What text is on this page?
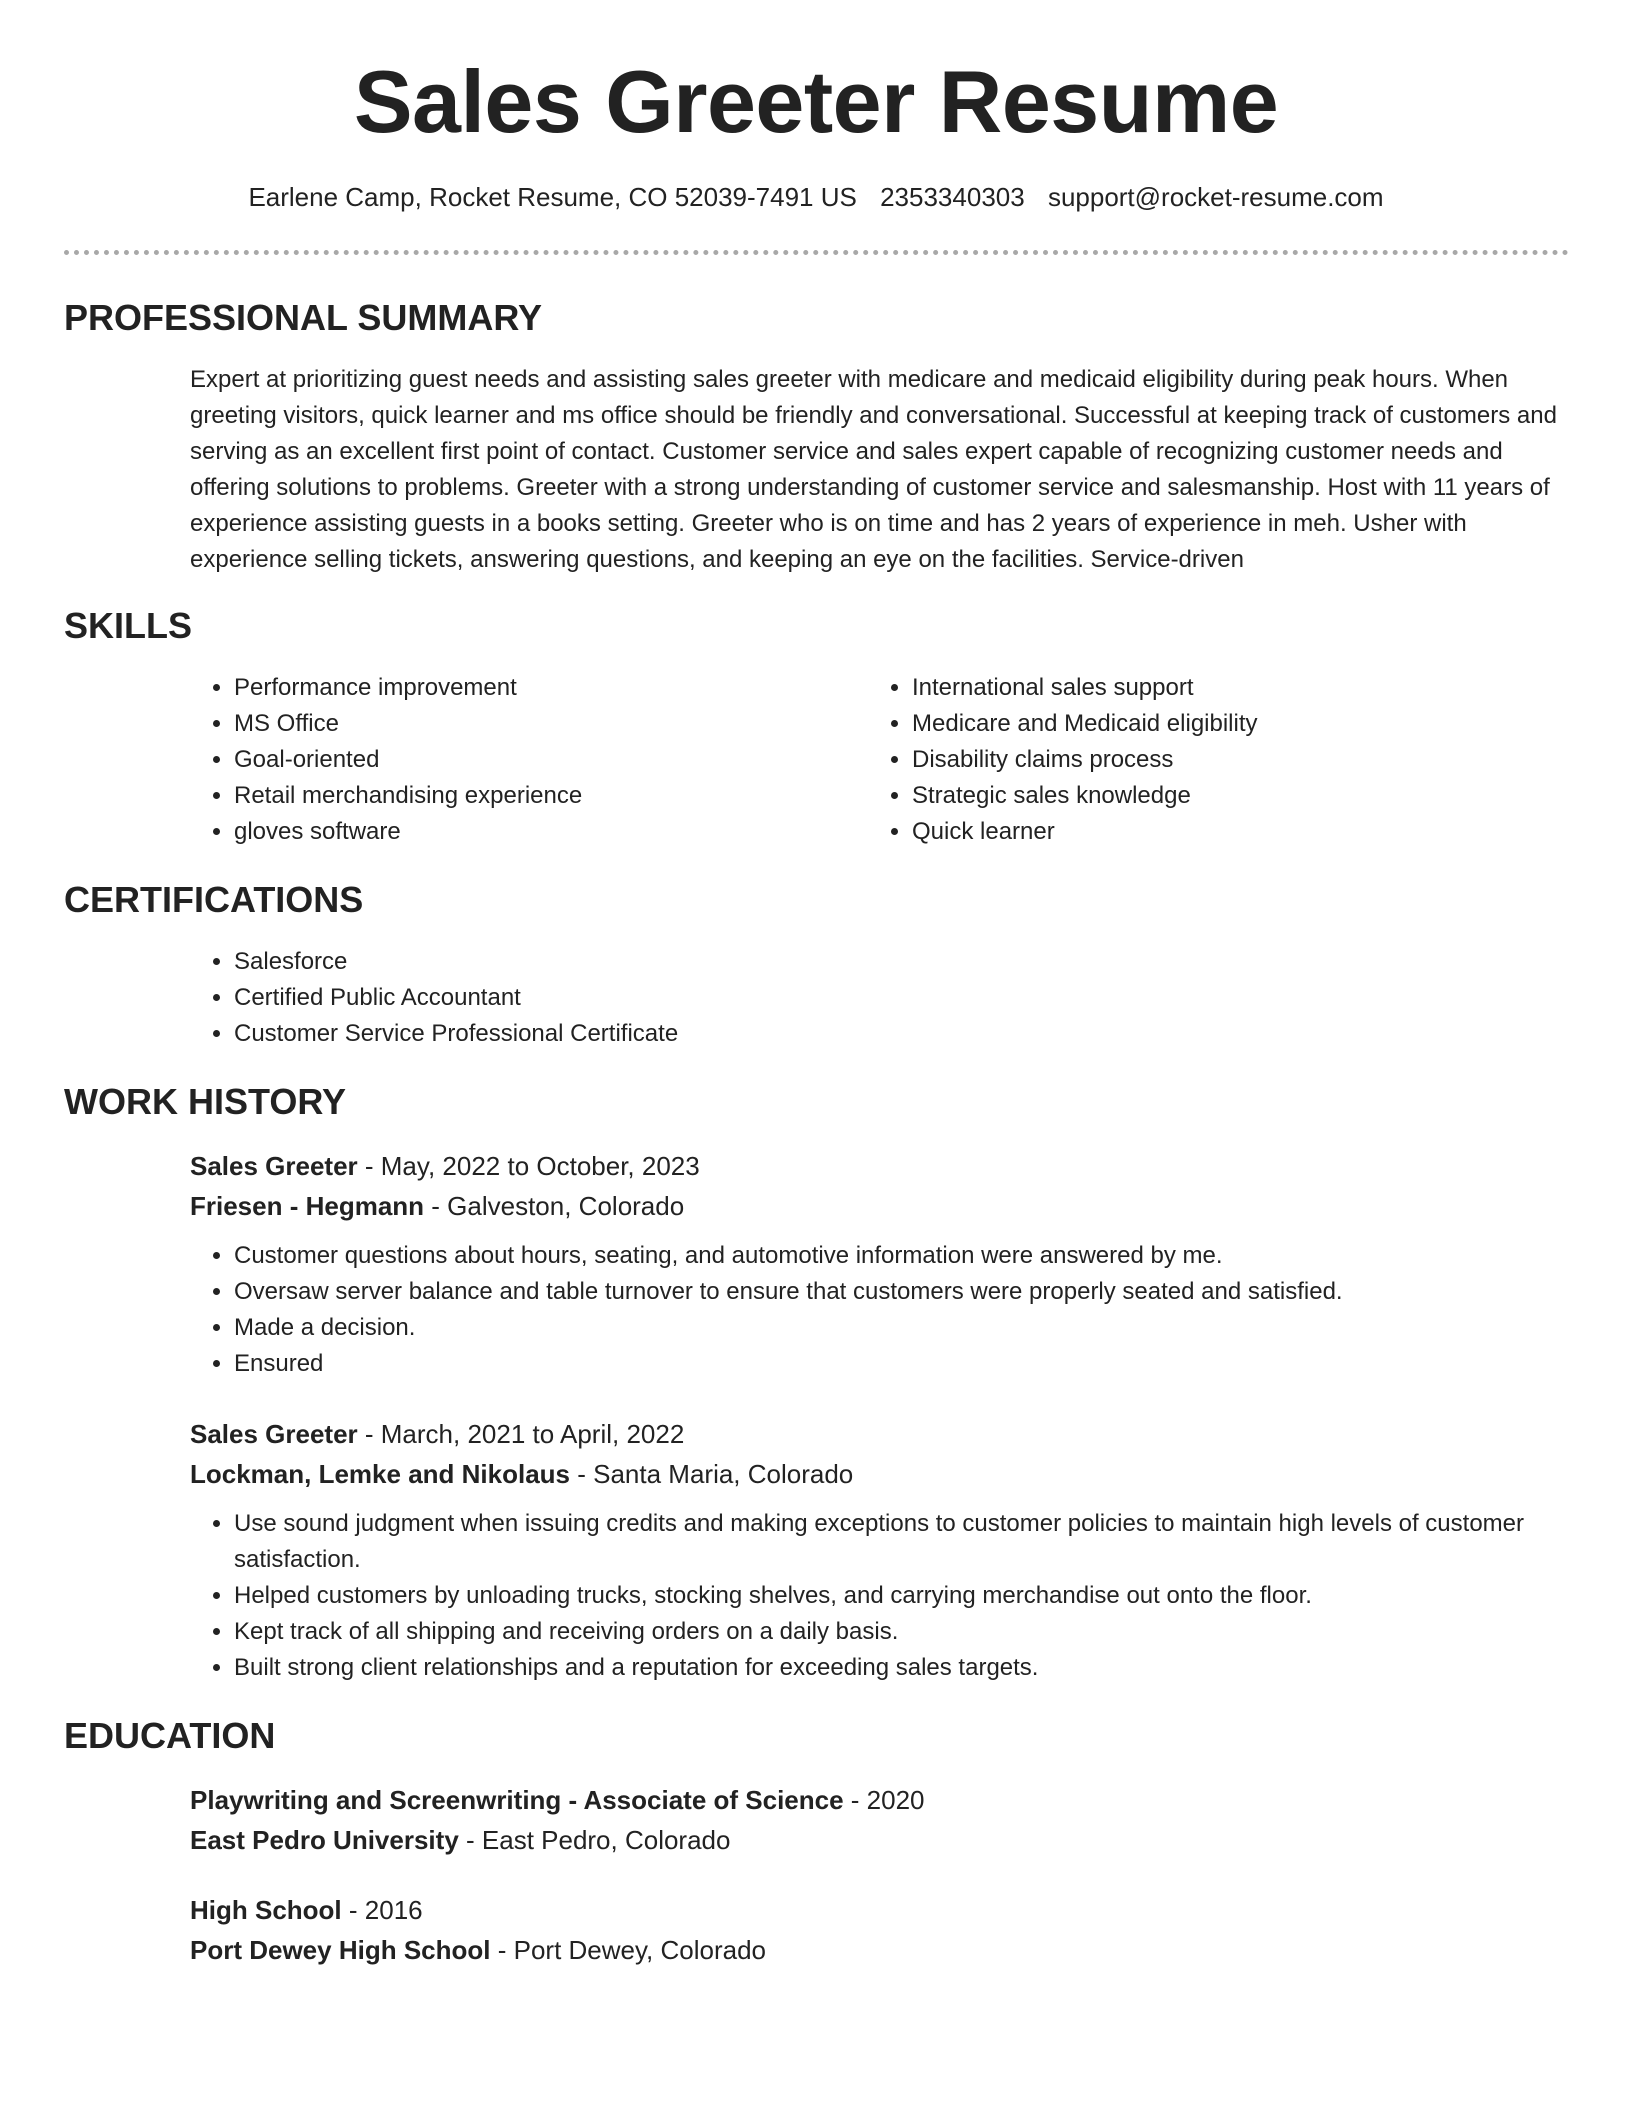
Sales Greeter Resume
Earlene Camp, Rocket Resume, CO 52039-7491 US 2353340303 support@rocket-resume.com
PROFESSIONAL SUMMARY

Expert at prioritizing guest needs and assisting sales greeter with medicare and medicaid eligibility during peak hours. When greeting visitors, quick learner and ms office should be friendly and conversational. Successful at keeping track of customers and serving as an excellent first point of contact. Customer service and sales expert capable of recognizing customer needs and offering solutions to problems. Greeter with a strong understanding of customer service and salesmanship. Host with 11 years of experience assisting guests in a books setting. Greeter who is on time and has 2 years of experience in meh. Usher with experience selling tickets, answering questions, and keeping an eye on the facilities. Service-driven

SKILLS
• Performance improvement
• MS Office
• Goal-oriented
• Retail merchandising experience
• gloves software
• International sales support
• Medicare and Medicaid eligibility
• Disability claims process
• Strategic sales knowledge
• Quick learner
CERTIFICATIONS
• Salesforce
• Certified Public Accountant
• Customer Service Professional Certificate
WORK HISTORY
Sales Greeter - May, 2022 to October, 2023
Friesen - Hegmann - Galveston, Colorado
• Customer questions about hours, seating, and automotive information were answered by me.
• Oversaw server balance and table turnover to ensure that customers were properly seated and satisfied.
• Made a decision.
• Ensured
Sales Greeter - March, 2021 to April, 2022
Lockman, Lemke and Nikolaus - Santa Maria, Colorado
• Use sound judgment when issuing credits and making exceptions to customer policies to maintain high levels of customer satisfaction.
• Helped customers by unloading trucks, stocking shelves, and carrying merchandise out onto the floor.
• Kept track of all shipping and receiving orders on a daily basis.
• Built strong client relationships and a reputation for exceeding sales targets.
EDUCATION
Playwriting and Screenwriting - Associate of Science - 2020
East Pedro University - East Pedro, Colorado
High School - 2016
Port Dewey High School - Port Dewey, Colorado
